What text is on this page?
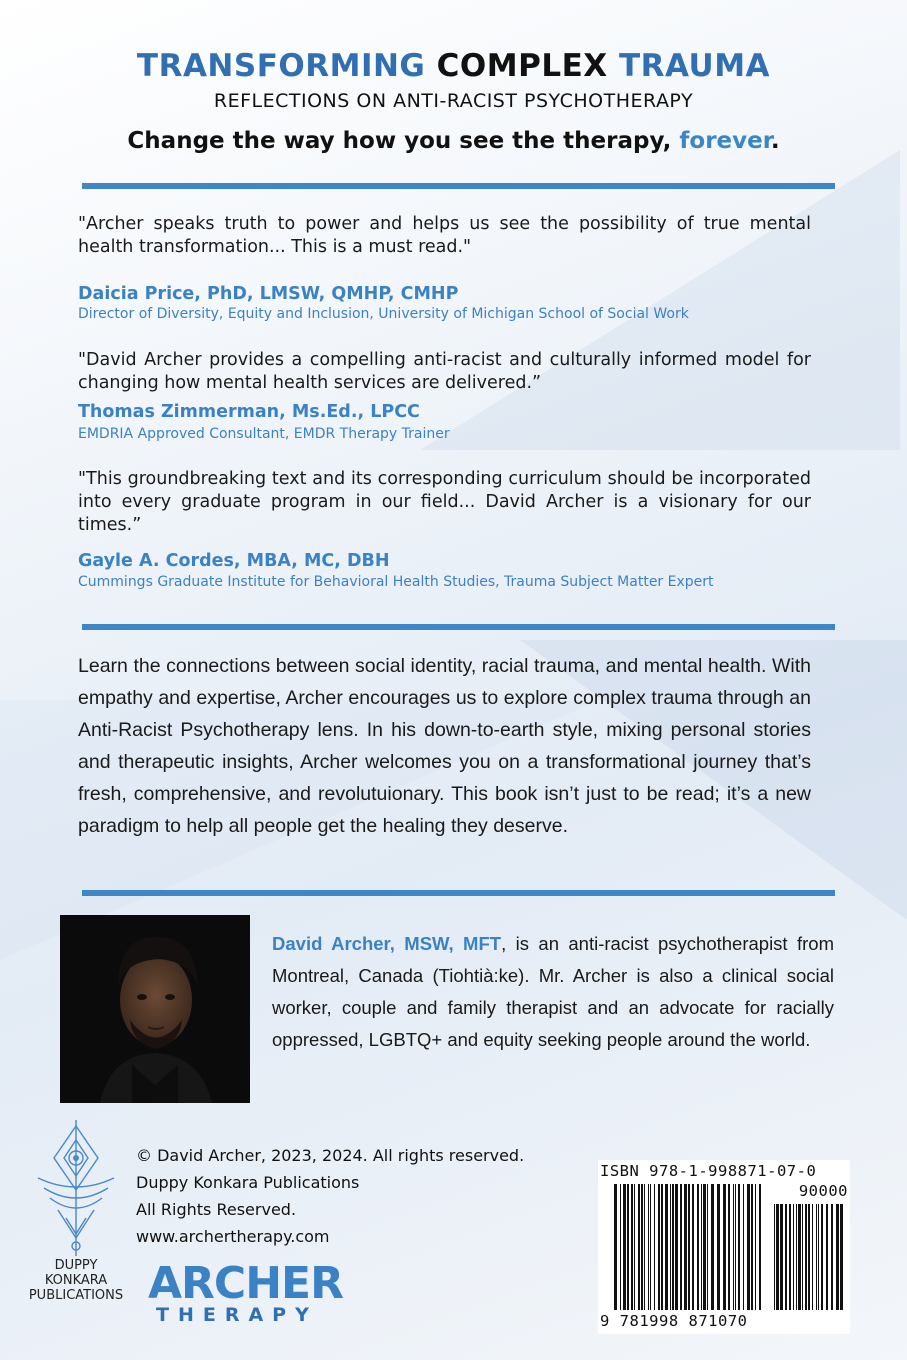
TRANSFORMING COMPLEX TRAUMA
REFLECTIONS ON ANTI-RACIST PSYCHOTHERAPY
Change the way how you see the therapy, forever.
"Archer speaks truth to power and helps us see the possibility of true mental health transformation... This is a must read."
Daicia Price, PhD, LMSW, QMHP, CMHP
Director of Diversity, Equity and Inclusion, University of Michigan School of Social Work
"David Archer provides a compelling anti-racist and culturally informed model for changing how mental health services are delivered.”
Thomas Zimmerman, Ms.Ed., LPCC
EMDRIA Approved Consultant, EMDR Therapy Trainer
"This groundbreaking text and its corresponding curriculum should be incorporated into every graduate program in our field... David Archer is a visionary for our times.”
Gayle A. Cordes, MBA, MC, DBH
Cummings Graduate Institute for Behavioral Health Studies, Trauma Subject Matter Expert
Learn the connections between social identity, racial trauma, and mental health. With empathy and expertise, Archer encourages us to explore complex trauma through an Anti-Racist Psychotherapy lens. In his down-to-earth style, mixing personal stories and therapeutic insights, Archer welcomes you on a transformational journey that’s fresh, comprehensive, and revolutuionary. This book isn’t just to be read; it’s a new paradigm to help all people get the healing they deserve.
David Archer, MSW, MFT, is an anti-racist psychotherapist from Montreal, Canada (Tiohtià:ke). Mr. Archer is also a clinical social worker, couple and family therapist and an advocate for racially oppressed, LGBTQ+ and equity seeking people around the world.
DUPPY
KONKARA
PUBLICATIONS
© David Archer, 2023, 2024. All rights reserved.
Duppy Konkara Publications
All Rights Reserved.
www.archertherapy.com
ARCHER
THERAPY
ISBN 978-1-998871-07-0
90000
9 781998 871070
